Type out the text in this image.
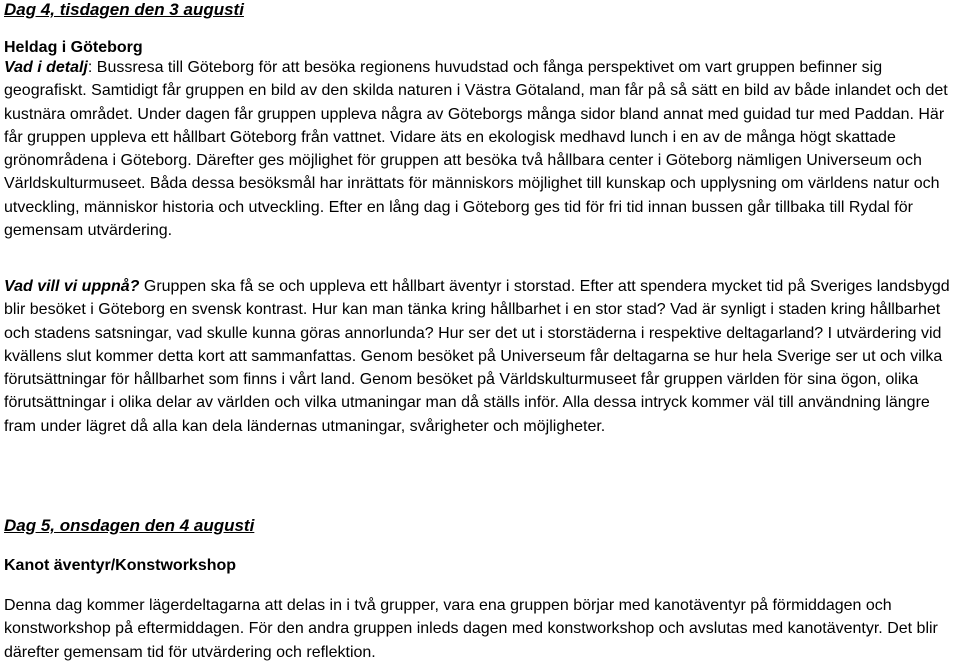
Dag 4, tisdagen den 3 augusti
Heldag i Göteborg

Vad i detalj: Bussresa till Göteborg för att besöka regionens huvudstad och fånga perspektivet om vart gruppen befinner sig geografiskt. Samtidigt får gruppen en bild av den skilda naturen i Västra Götaland, man får på så sätt en bild av både inlandet och det kustnära området. Under dagen får gruppen uppleva några av Göteborgs många sidor bland annat med guidad tur med Paddan. Här får gruppen uppleva ett hållbart Göteborg från vattnet. Vidare äts en ekologisk medhavd lunch i en av de många högt skattade grönområdena i Göteborg. Därefter ges möjlighet för gruppen att besöka två hållbara center i Göteborg nämligen Universeum och Världskulturmuseet. Båda dessa besöksmål har inrättats för människors möjlighet till kunskap och upplysning om världens natur och utveckling, människor historia och utveckling. Efter en lång dag i Göteborg ges tid för fri tid innan bussen går tillbaka till Rydal för gemensam utvärdering.

Vad vill vi uppnå? Gruppen ska få se och uppleva ett hållbart äventyr i storstad. Efter att spendera mycket tid på Sveriges landsbygd blir besöket i Göteborg en svensk kontrast. Hur kan man tänka kring hållbarhet i en stor stad? Vad är synligt i staden kring hållbarhet och stadens satsningar, vad skulle kunna göras annorlunda? Hur ser det ut i storstäderna i respektive deltagarland? I utvärdering vid kvällens slut kommer detta kort att sammanfattas. Genom besöket på Universeum får deltagarna se hur hela Sverige ser ut och vilka förutsättningar för hållbarhet som finns i vårt land. Genom besöket på Världskulturmuseet får gruppen världen för sina ögon, olika förutsättningar i olika delar av världen och vilka utmaningar man då ställs inför. Alla dessa intryck kommer väl till användning längre fram under lägret då alla kan dela ländernas utmaningar, svårigheter och möjligheter.

Dag 5, onsdagen den 4 augusti
Kanot äventyr/Konstworkshop

Denna dag kommer lägerdeltagarna att delas in i två grupper, vara ena gruppen börjar med kanotäventyr på förmiddagen och konstworkshop på eftermiddagen. För den andra gruppen inleds dagen med konstworkshop och avslutas med kanotäventyr. Det blir därefter gemensam tid för utvärdering och reflektion.
